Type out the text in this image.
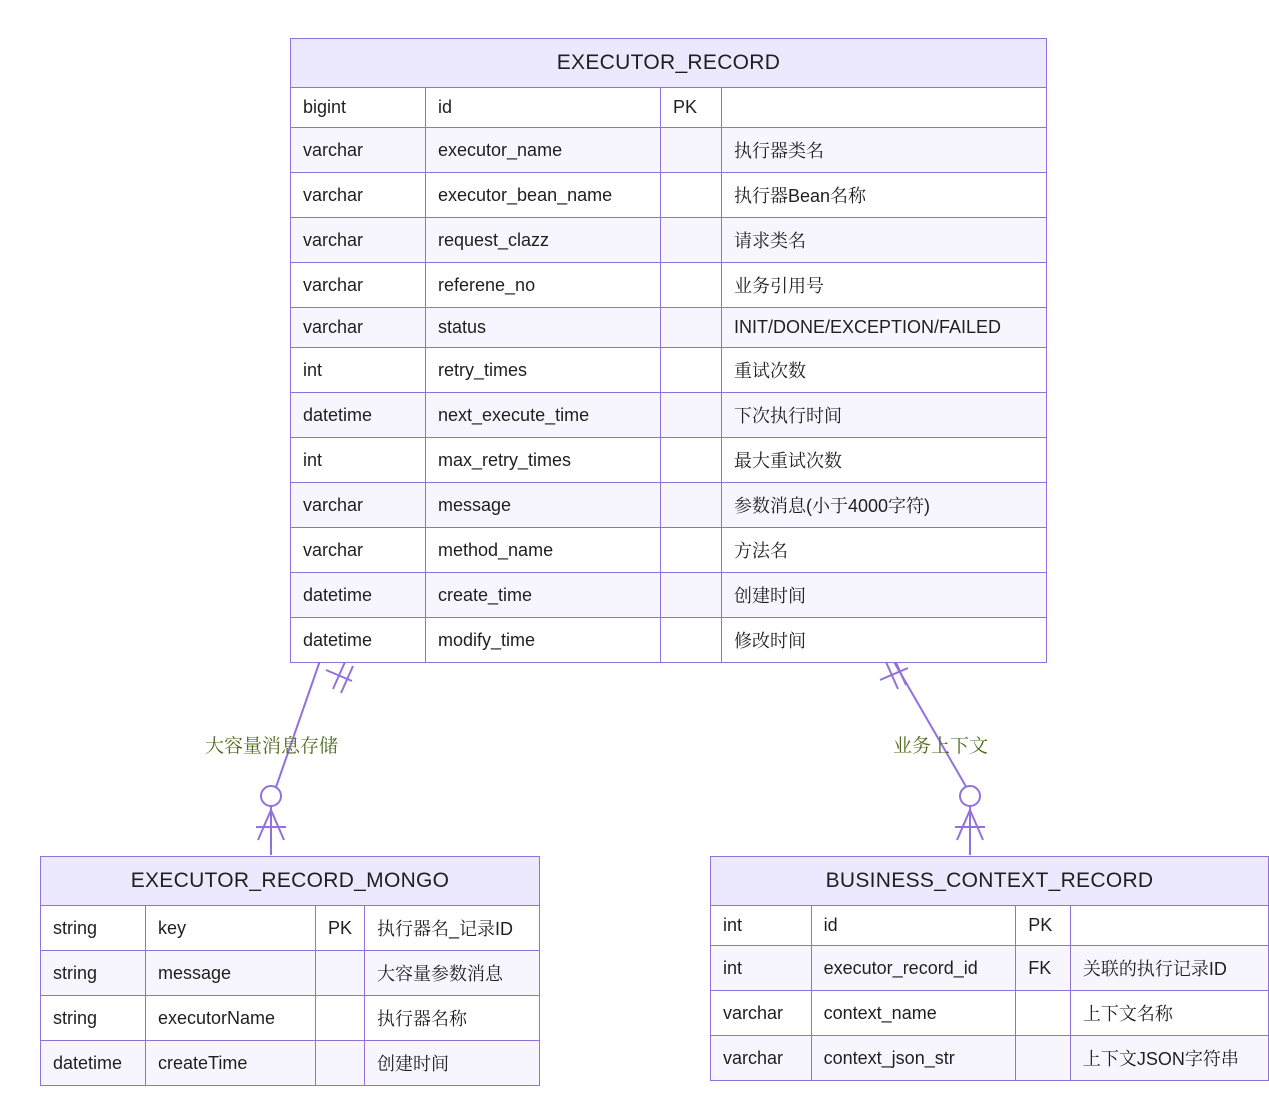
大容量消息存储	业务上下文
EXECUTOR_RECORD			
bigint	id	PK	
varchar	executor_name		执行器类名
varchar	executor_bean_name		执行器Bean名称
varchar	request_clazz		请求类名
varchar	referene_no		业务引用号
varchar	status		INIT/DONE/EXCEPTION/FAILED
int	retry_times		重试次数
datetime	next_execute_time		下次执行时间
int	max_retry_times		最大重试次数
varchar	message		参数消息(小于4000字符)
varchar	method_name		方法名
datetime	create_time		创建时间
datetime	modify_time		修改时间
EXECUTOR_RECORD_MONGO			
string	key	PK	执行器名_记录ID
string	message		大容量参数消息
string	executorName		执行器名称
datetime	createTime		创建时间
BUSINESS_CONTEXT_RECORD			
int	id	PK	
int	executor_record_id	FK	关联的执行记录ID
varchar	context_name		上下文名称
varchar	context_json_str		上下文JSON字符串
